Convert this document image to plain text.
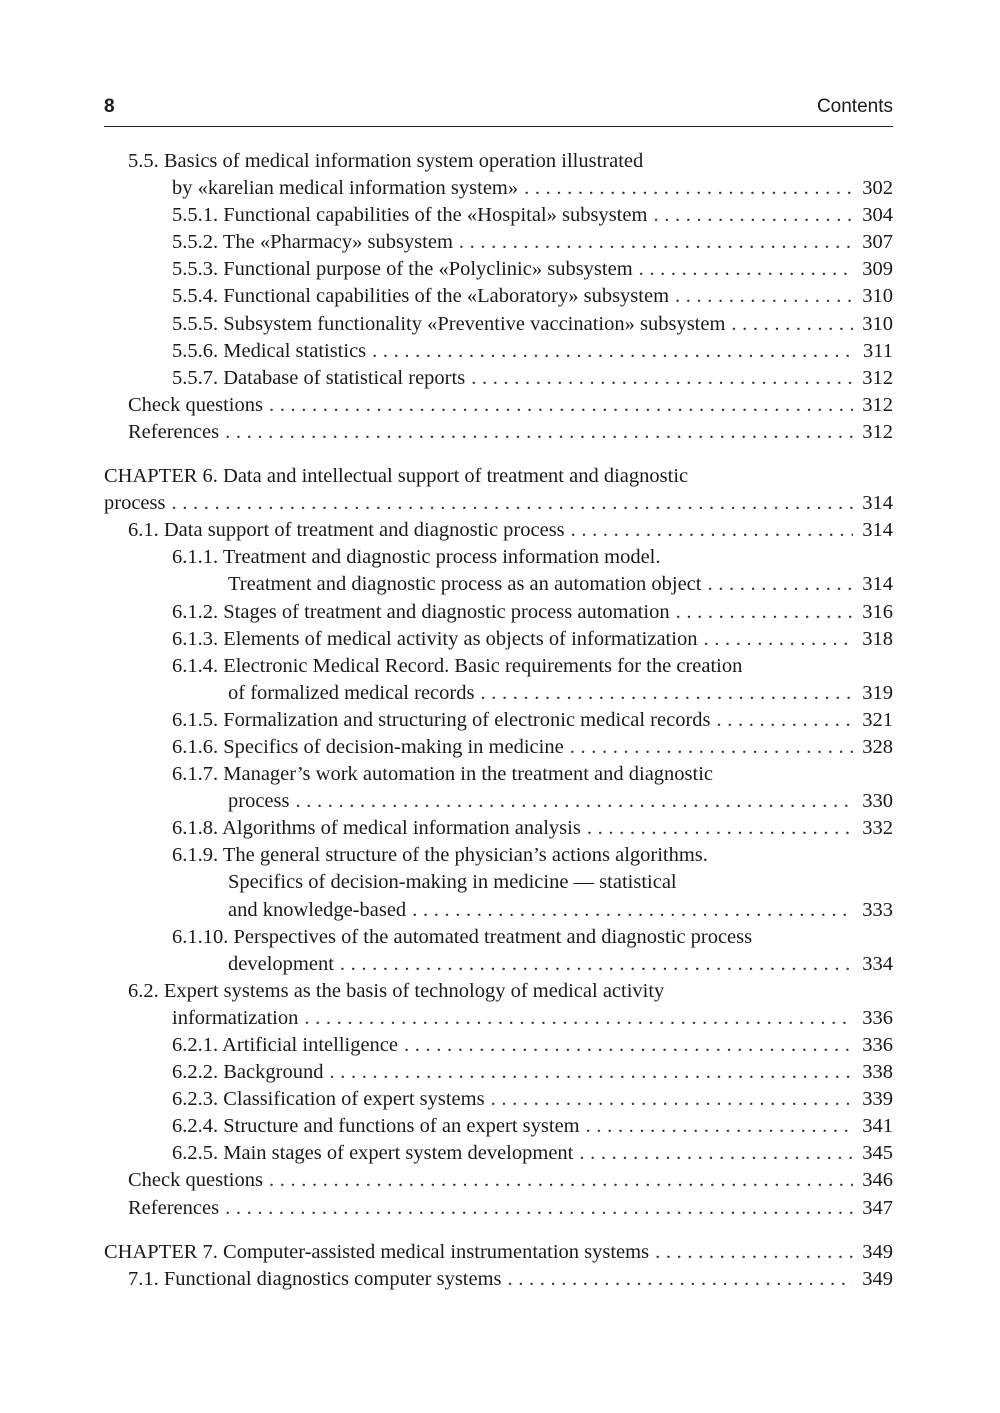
8	Contents
5.5. Basics of medical information system operation illustrated
by «karelian medical information system» . . .	302
5.5.1. Functional capabilities of the «Hospital» subsystem . . .	304
5.5.2. The «Pharmacy» subsystem . . .	307
5.5.3. Functional purpose of the «Polyclinic» subsystem . . .	309
5.5.4. Functional capabilities of the «Laboratory» subsystem . . .	310
5.5.5. Subsystem functionality «Preventive vaccination» subsystem . . .	310
5.5.6. Medical statistics . . .	311
5.5.7. Database of statistical reports . . .	312
Check questions . . .	312
References . . .	312
CHAPTER 6. Data and intellectual support of treatment and diagnostic
process . . .	314
6.1. Data support of treatment and diagnostic process . . .	314
6.1.1. Treatment and diagnostic process information model.
Treatment and diagnostic process as an automation object . . .	314
6.1.2. Stages of treatment and diagnostic process automation . . .	316
6.1.3. Elements of medical activity as objects of informatization . . .	318
6.1.4. Electronic Medical Record. Basic requirements for the creation
of formalized medical records . . .	319
6.1.5. Formalization and structuring of electronic medical records . . .	321
6.1.6. Specifics of decision-making in medicine . . .	328
6.1.7. Manager’s work automation in the treatment and diagnostic
process . . .	330
6.1.8. Algorithms of medical information analysis . . .	332
6.1.9. The general structure of the physician’s actions algorithms.
Specifics of decision-making in medicine — statistical
and knowledge-based . . .	333
6.1.10. Perspectives of the automated treatment and diagnostic process
development . . .	334
6.2. Expert systems as the basis of technology of medical activity
informatization . . .	336
6.2.1. Artificial intelligence . . .	336
6.2.2. Background . . .	338
6.2.3. Classification of expert systems . . .	339
6.2.4. Structure and functions of an expert system . . .	341
6.2.5. Main stages of expert system development . . .	345
Check questions . . .	346
References . . .	347
CHAPTER 7. Computer-assisted medical instrumentation systems . . .	349
7.1. Functional diagnostics computer systems . . .	349
